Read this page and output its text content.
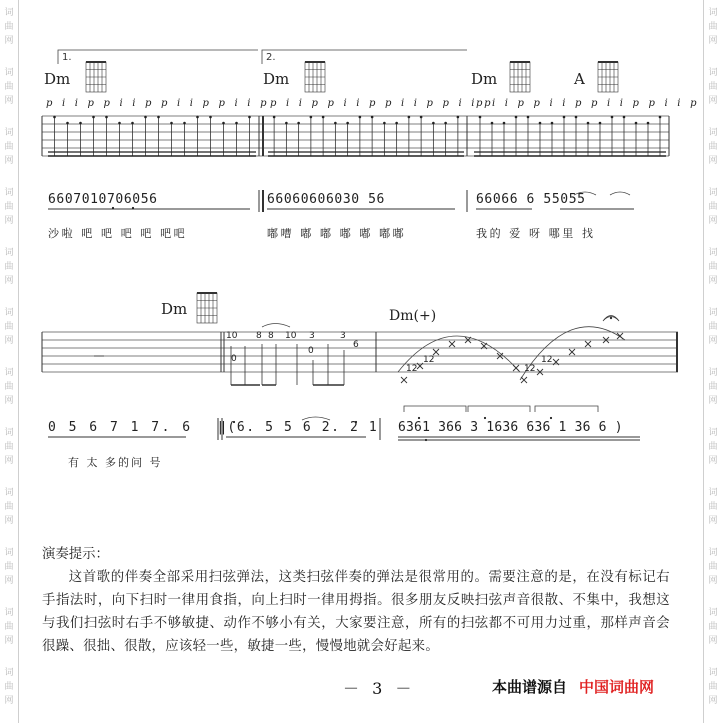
词
曲
网
词
曲
网
词
曲
网
词
曲
网
词
曲
网
词
曲
网
词
曲
网
词
曲
网
词
曲
网
词
曲
网
词
曲
网
词
曲
网
词
曲
网
词
曲
网
词
曲
网
词
曲
网
词
曲
网
词
曲
网
词
曲
网
词
曲
网
词
曲
网
词
曲
网
词
曲
网
词
曲
网
1.	2.
Dm	Dm	Dm	A
p i i p p i i p p i i p p i i p p i i p p i i p p i i p p i i p
p i i p p i i p p i i p p i i p
6607010706056	66060606030 56	66066 6 55055
沙啦 吧 吧 吧 吧 吧吧	嘟嘈 嘟 嘟 嘟 嘟 嘟嘟	我的 爱 呀 哪里 找
Dm	Dm(+)
10 8 8 10 3	3
0
0
6
12
12
12
12
0 5 6 7 1 7. 6 ‖(6. 5 5 6 2. 2 1 6361 366 3 1636 636 1 36 6 )
有 太 多的问 号
演奏提示：

这首歌的伴奏全部采用扫弦弹法，这类扫弦伴奏的弹法是很常用的。需要注意的是，在没有标记右手指法时，向下扫时一律用食指，向上扫时一律用拇指。很多朋友反映扫弦声音很散、不集中，我想这与我们扫弦时右手不够敏捷、动作不够小有关，大家要注意，所有的扫弦都不可用力过重，那样声音会很躁、很拙、很散，应该轻一些，敏捷一些，慢慢地就会好起来。

－ 3 －	本曲谱源自 中国词曲网
